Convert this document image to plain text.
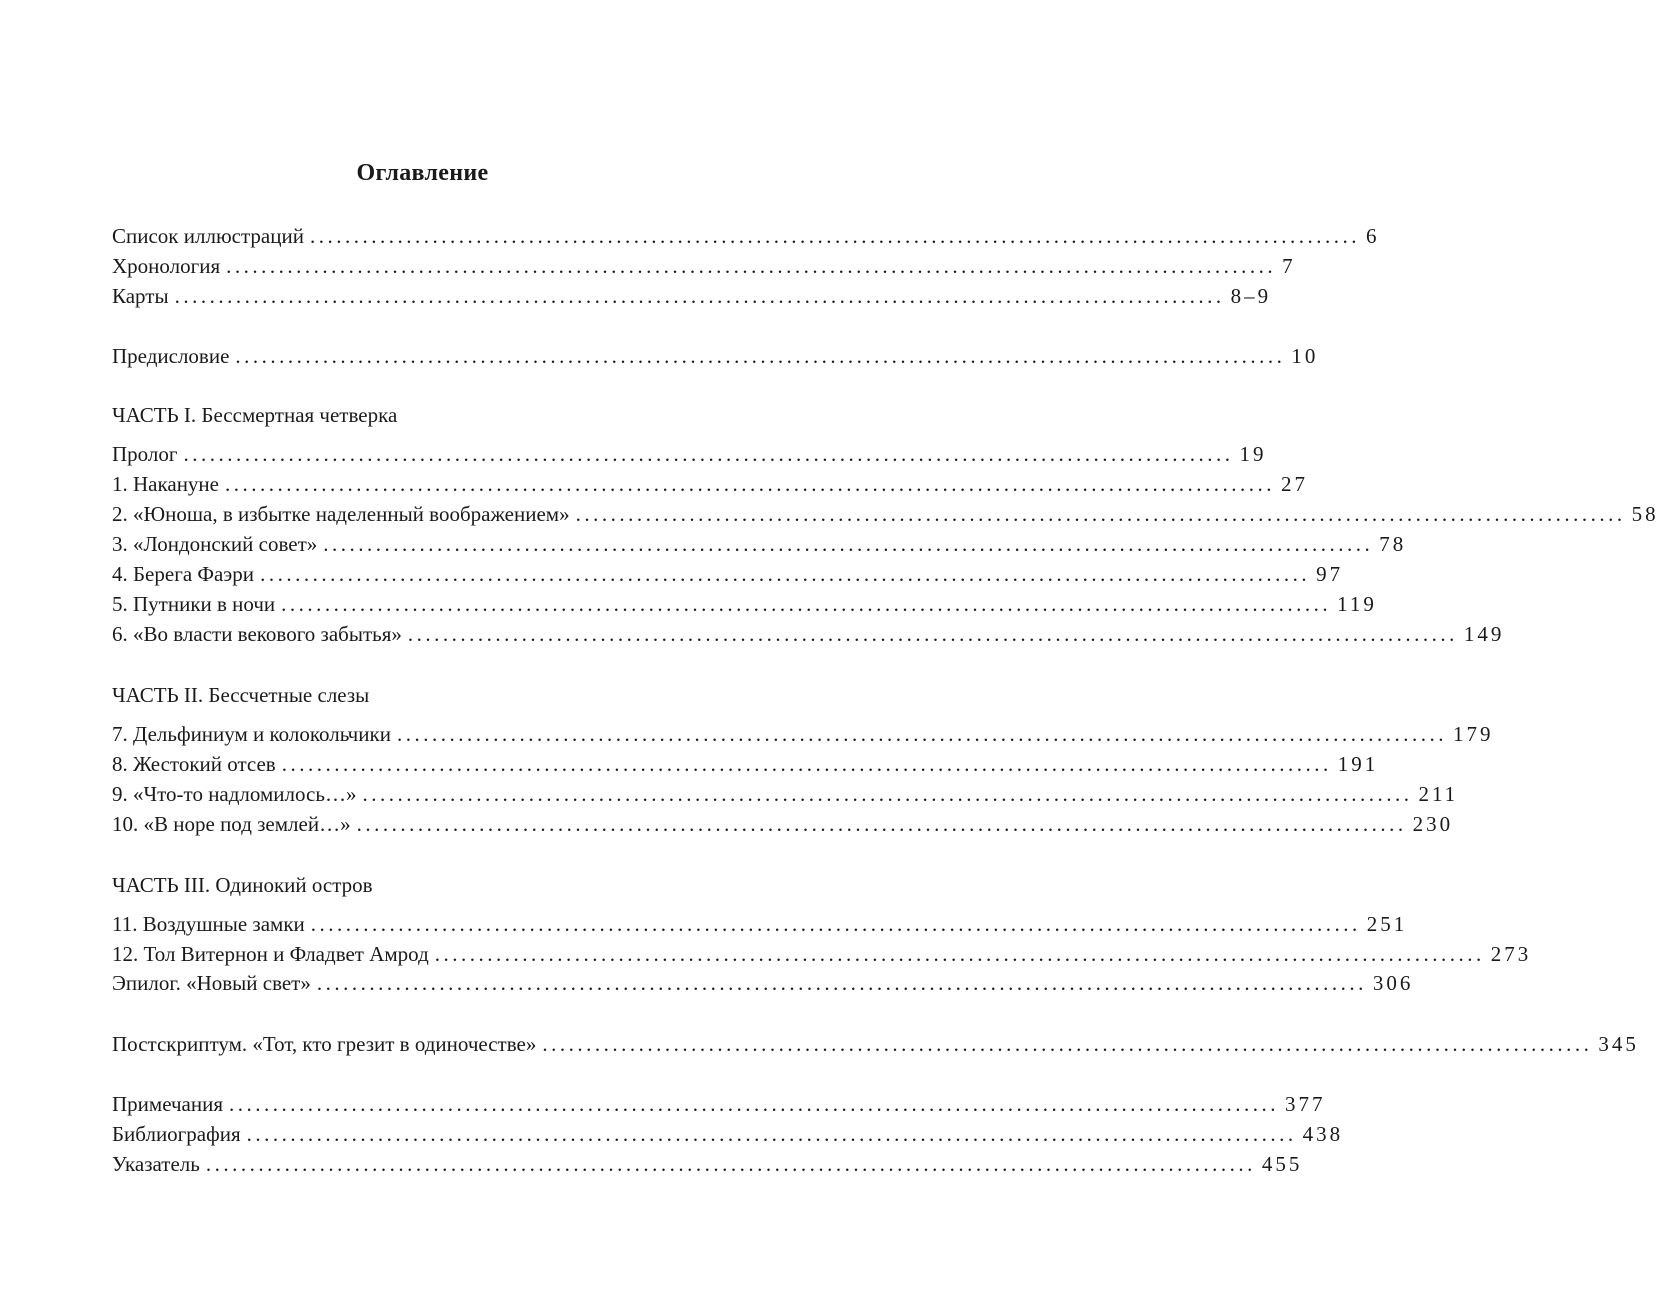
Оглавление
Список иллюстраций ........................................................................................................................ 6
Хронология ........................................................................................................................ 7
Карты ........................................................................................................................ 8–9
Предисловие ........................................................................................................................ 10
ЧАСТЬ I. Бессмертная четверка
Пролог ........................................................................................................................ 19
1. Накануне ........................................................................................................................ 27
2. «Юноша, в избытке наделенный воображением» ........................................................................................................................ 58
3. «Лондонский совет» ........................................................................................................................ 78
4. Берега Фаэри ........................................................................................................................ 97
5. Путники в ночи ........................................................................................................................ 119
6. «Во власти векового забытья» ........................................................................................................................ 149
ЧАСТЬ II. Бессчетные слезы
7. Дельфиниум и колокольчики ........................................................................................................................ 179
8. Жестокий отсев ........................................................................................................................ 191
9. «Что-то надломилось…» ........................................................................................................................ 211
10. «В норе под землей…» ........................................................................................................................ 230
ЧАСТЬ III. Одинокий остров
11. Воздушные замки ........................................................................................................................ 251
12. Тол Витернон и Фладвет Амрод ........................................................................................................................ 273
Эпилог. «Новый свет» ........................................................................................................................ 306
Постскриптум. «Тот, кто грезит в одиночестве» ........................................................................................................................ 345
Примечания ........................................................................................................................ 377
Библиография ........................................................................................................................ 438
Указатель ........................................................................................................................ 455
